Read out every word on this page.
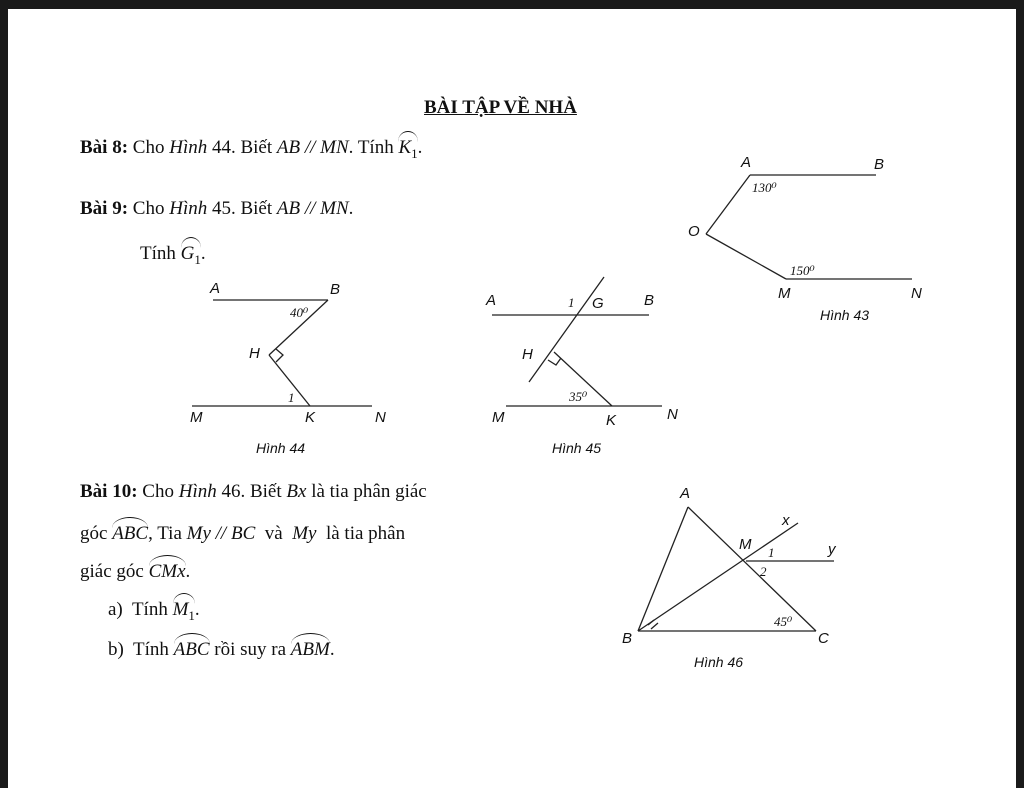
BÀI TẬP VỀ NHÀ
Bài 8: Cho Hình 44. Biết AB // MN. Tính $K_1$.
Bài 9: Cho Hình 45. Biết AB // MN.
Tính $G_1$.
Bài 10: Cho Hình 46. Biết Bx là tia phân giác
góc ABC, Tia My // BC và My là tia phân
giác góc CMx.
a) Tính $M_1$.
b) Tính ABC rồi suy ra ABM.
A	B
O
M	N
130⁰
150⁰
Hình 43
A	B
H
M	K	N
40⁰
1
Hình 44
A	B
G
1
H
M	K	N
35⁰
Hình 45
A
B	C
M
x
y
1
2
45⁰
Hình 46
